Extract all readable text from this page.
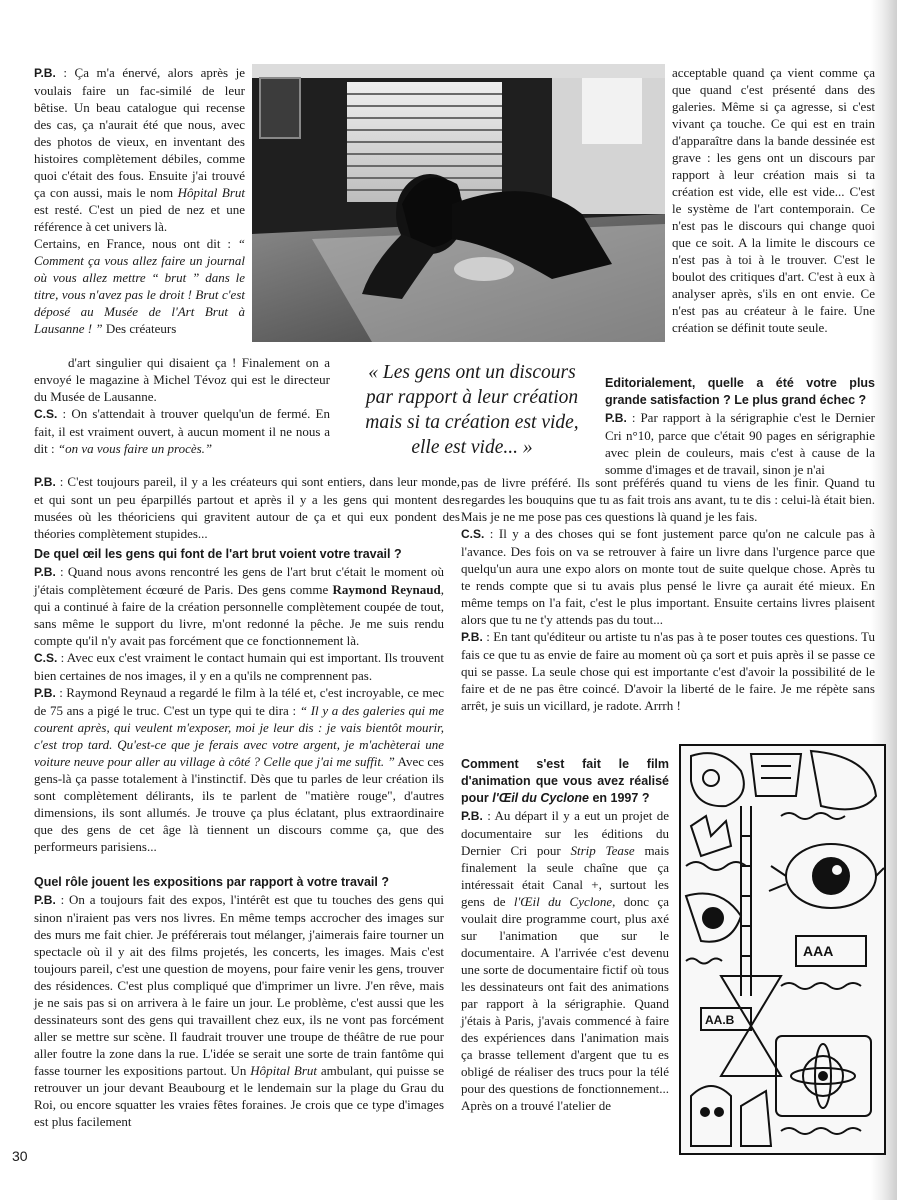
P.B. : Ça m'a énervé, alors après je voulais faire un fac-similé de leur bêtise. Un beau catalogue qui recense des cas, ça n'aurait été que nous, avec des photos de vieux, en inventant des histoires complètement débiles, comme quoi c'était des fous. Ensuite j'ai trouvé ça con aussi, mais le nom Hôpital Brut est resté. C'est un pied de nez et une référence à cet univers là.

Certains, en France, nous ont dit : “ Comment ça vous allez faire un journal où vous allez mettre “ brut ” dans le titre, vous n'avez pas le droit ! Brut c'est déposé au Musée de l'Art Brut à Lausanne ! ” Des créateurs

d'art singulier qui disaient ça ! Finalement on a envoyé le magazine à Michel Tévoz qui est le directeur du Musée de Lausanne.

C.S. : On s'attendait à trouver quelqu'un de fermé. En fait, il est vraiment ouvert, à aucun moment il ne nous a dit : “on va vous faire un procès.”

« Les gens ont un discours

par rapport à leur création

mais si ta création est vide,

elle est vide... »

P.B. : C'est toujours pareil, il y a les créateurs qui sont entiers, dans leur monde, et qui sont un peu éparpillés partout et après il y a les gens qui montent des musées où les théoriciens qui gravitent autour de ça et qui eux pondent des théories complètement stupides...

acceptable quand ça vient comme ça que quand c'est présenté dans des galeries. Même si ça agresse, si c'est vivant ça touche. Ce qui est en train d'apparaître dans la bande dessinée est grave : les gens ont un discours par rapport à leur création mais si ta création est vide, elle est vide... C'est le système de l'art contemporain. Ce n'est pas le discours qui change quoi que ce soit. A la limite le discours ce n'est pas à toi à le trouver. C'est le boulot des critiques d'art. C'est à eux à analyser après, s'ils en ont envie. Ce n'est pas au créateur à le faire. Une création se définit toute seule.

Editorialement, quelle a été votre plus grande satisfaction ? Le plus grand échec ?

P.B. : Par rapport à la sérigraphie c'est le Dernier Cri n°10, parce que c'était 90 pages en sérigraphie avec plein de couleurs, mais c'est à cause de la somme d'images et de travail, sinon je n'ai

pas de livre préféré. Ils sont préférés quand tu viens de les finir. Quand tu regardes les bouquins que tu as fait trois ans avant, tu te dis : celui-là était bien. Mais je ne me pose pas ces questions là quand je les fais.

C.S. : Il y a des choses qui se font justement parce qu'on ne calcule pas à l'avance. Des fois on va se retrouver à faire un livre dans l'urgence parce que quelqu'un aura une expo alors on monte tout de suite quelque chose. Après tu te rends compte que si tu avais plus pensé le livre ça aurait été mieux. En même temps on l'a fait, c'est le plus important. Ensuite certains livres plaisent alors que tu ne t'y attends pas du tout...

P.B. : En tant qu'éditeur ou artiste tu n'as pas à te poser toutes ces questions. Tu fais ce que tu as envie de faire au moment où ça sort et puis après il se passe ce qui se passe. La seule chose qui est importante c'est d'avoir la possibilité de le faire et de ne pas être coincé. D'avoir la liberté de le faire. Je me répète sans arrêt, je suis un vicillard, je radote. Arrrh !

De quel œil les gens qui font de l'art brut voient votre travail ?

P.B. : Quand nous avons rencontré les gens de l'art brut c'était le moment où j'étais complètement écœuré de Paris. Des gens comme Raymond Reynaud, qui a continué à faire de la création personnelle complètement coupée de tout, sans même le support du livre, m'ont redonné la pêche. Je me suis rendu compte qu'il n'y avait pas forcément que ce fonctionnement là.

C.S. : Avec eux c'est vraiment le contact humain qui est important. Ils trouvent bien certaines de nos images, il y en a qu'ils ne comprennent pas.

P.B. : Raymond Reynaud a regardé le film à la télé et, c'est incroyable, ce mec de 75 ans a pigé le truc. C'est un type qui te dira : “ Il y a des galeries qui me courent après, qui veulent m'exposer, moi je leur dis : je vais bientôt mourir, c'est trop tard. Qu'est-ce que je ferais avec votre argent, je m'achèterai une voiture neuve pour aller au village à côté ? Celle que j'ai me suffit. ” Avec ces gens-là ça passe totalement à l'instinctif. Dès que tu parles de leur création ils sont complètement délirants, ils te parlent de "matière rouge", d'autres dimensions, ils sont allumés. Je trouve ça plus éclatant, plus extraordinaire que des gens de cet âge là tiennent un discours comme ça, que des performeurs parisiens...

Quel rôle jouent les expositions par rapport à votre travail ?

P.B. : On a toujours fait des expos, l'intérêt est que tu touches des gens qui sinon n'iraient pas vers nos livres. En même temps accrocher des images sur des murs me fait chier. Je préférerais tout mélanger, j'aimerais faire tourner un spectacle où il y ait des films projetés, les concerts, les images. Mais c'est toujours pareil, c'est une question de moyens, pour faire venir les gens, trouver des résidences. C'est plus compliqué que d'imprimer un livre. J'en rêve, mais je ne sais pas si on arrivera à le faire un jour. Le problème, c'est aussi que les dessinateurs sont des gens qui travaillent chez eux, ils ne vont pas forcément aller se mettre sur scène. Il faudrait trouver une troupe de théâtre de rue pour aller foutre la zone dans la rue. L'idée se serait une sorte de train fantôme qui fasse tourner les expositions partout. Un Hôpital Brut ambulant, qui puisse se retrouver un jour devant Beaubourg et le lendemain sur la plage du Grau du Roi, ou encore squatter les vraies fêtes foraines. Je crois que ce type d'images est plus facilement

Comment s'est fait le film d'animation que vous avez réalisé pour l'Œil du Cyclone en 1997 ?

P.B. : Au départ il y a eut un projet de documentaire sur les éditions du Dernier Cri pour Strip Tease mais finalement la seule chaîne que ça intéressait était Canal +, surtout les gens de l'Œil du Cyclone, donc ça voulait dire programme court, plus axé sur l'animation que sur le documentaire. A l'arrivée c'est devenu une sorte de documentaire fictif où tous les dessinateurs ont fait des animations par rapport à la sérigraphie. Quand j'étais à Paris, j'avais commencé à faire des expériences dans l'animation mais ça brasse tellement d'argent que tu es obligé de réaliser des trucs pour la télé pour des questions de fonctionnement... Après on a trouvé l'atelier de

AAA
AA.B
30
